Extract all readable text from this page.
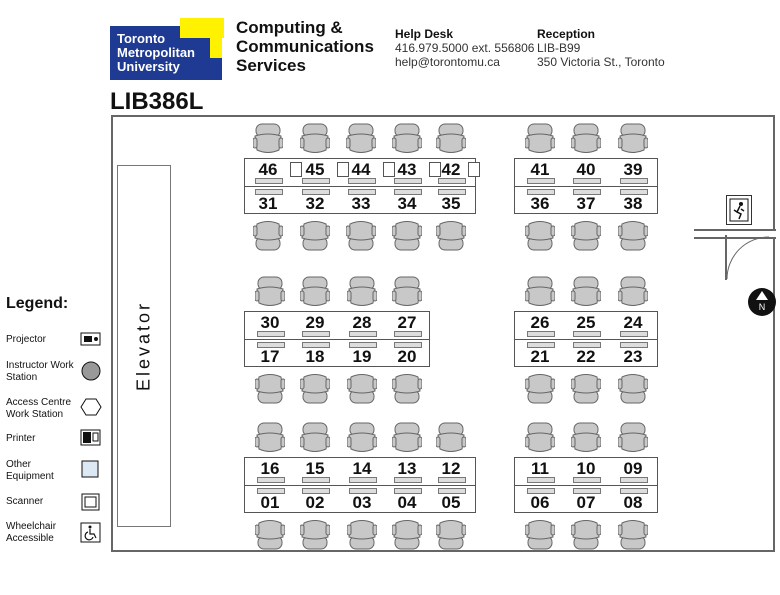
Toronto
Metropolitan
University
Computing &
Communications
Services
Help Desk
416.979.5000 ext. 556806
help@torontomu.ca
Reception
LIB-B99
350 Victoria St., Toronto
LIB386L
N
Elevator
Legend:
Projector
Instructor Work Station
Access Centre Work Station
Printer
Other Equipment
Scanner
Wheelchair Accessible
46
31
45
32
44
33
43
34
42
35
41
36
40
37
39
38
30
17
29
18
28
19
27
20
26
21
25
22
24
23
16
01
15
02
14
03
13
04
12
05
11
06
10
07
09
08
